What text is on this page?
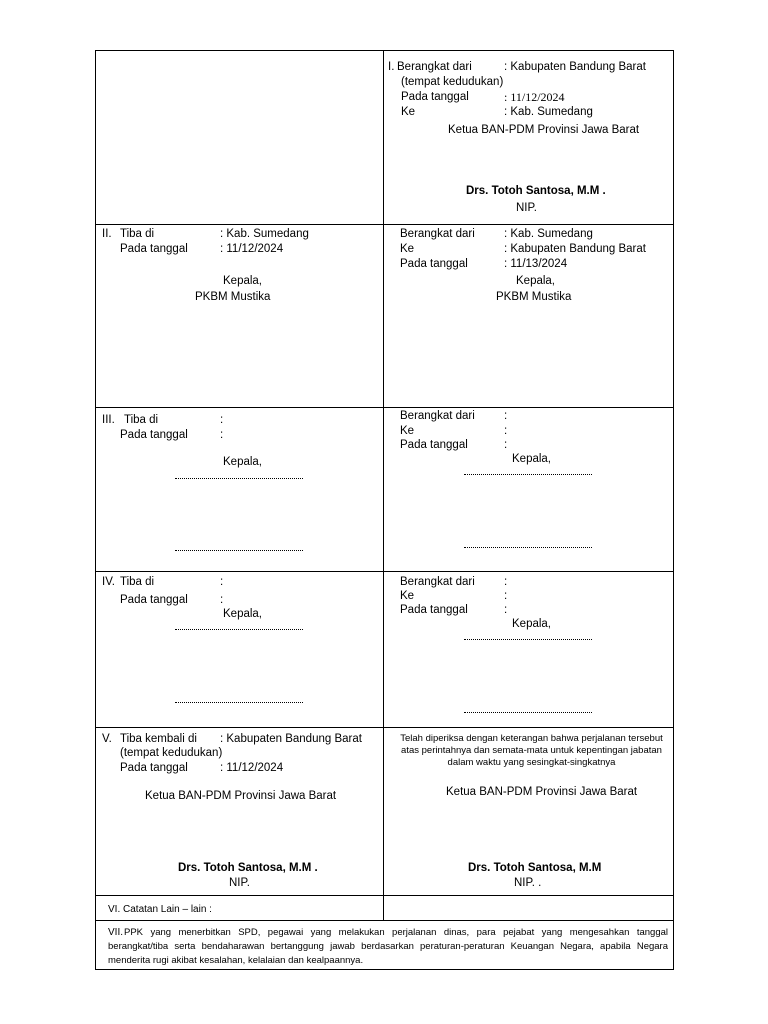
I. Berangkat dari	: Kabupaten Bandung Barat
(tempat kedudukan)
Pada tanggal	: 11/12/2024
Ke	: Kab. Sumedang
Ketua BAN-PDM Provinsi Jawa Barat
Drs. Totoh Santosa, M.M .
NIP.
II. Tiba di	: Kab. Sumedang
Pada tanggal	: 11/12/2024
Kepala,
PKBM Mustika
Berangkat dari	: Kab. Sumedang
Ke	: Kabupaten Bandung Barat
Pada tanggal	: 11/13/2024
Kepala,
PKBM Mustika
III. Tiba di	:
Pada tanggal	:
Kepala,
Berangkat dari	:
Ke	:
Pada tanggal	:
Kepala,
IV. Tiba di	:
Pada tanggal	:
Kepala,
Berangkat dari	:
Ke	:
Pada tanggal	:
Kepala,
V. Tiba kembali di : Kabupaten Bandung Barat
(tempat kedudukan)
Pada tanggal	: 11/12/2024
Ketua BAN-PDM Provinsi Jawa Barat
Drs. Totoh Santosa, M.M .
NIP.
Telah diperiksa dengan keterangan bahwa perjalanan tersebut atas perintahnya dan semata-mata untuk kepentingan jabatan dalam waktu yang sesingkat-singkatnya
Ketua BAN-PDM Provinsi Jawa Barat
Drs. Totoh Santosa, M.M
NIP. .
VI. Catatan Lain – lain :
VII. PPK yang menerbitkan SPD, pegawai yang melakukan perjalanan dinas, para pejabat yang mengesahkan tanggal berangkat/tiba serta bendaharawan bertanggung jawab berdasarkan peraturan-peraturan Keuangan Negara, apabila Negara menderita rugi akibat kesalahan, kelalaian dan kealpaannya.
